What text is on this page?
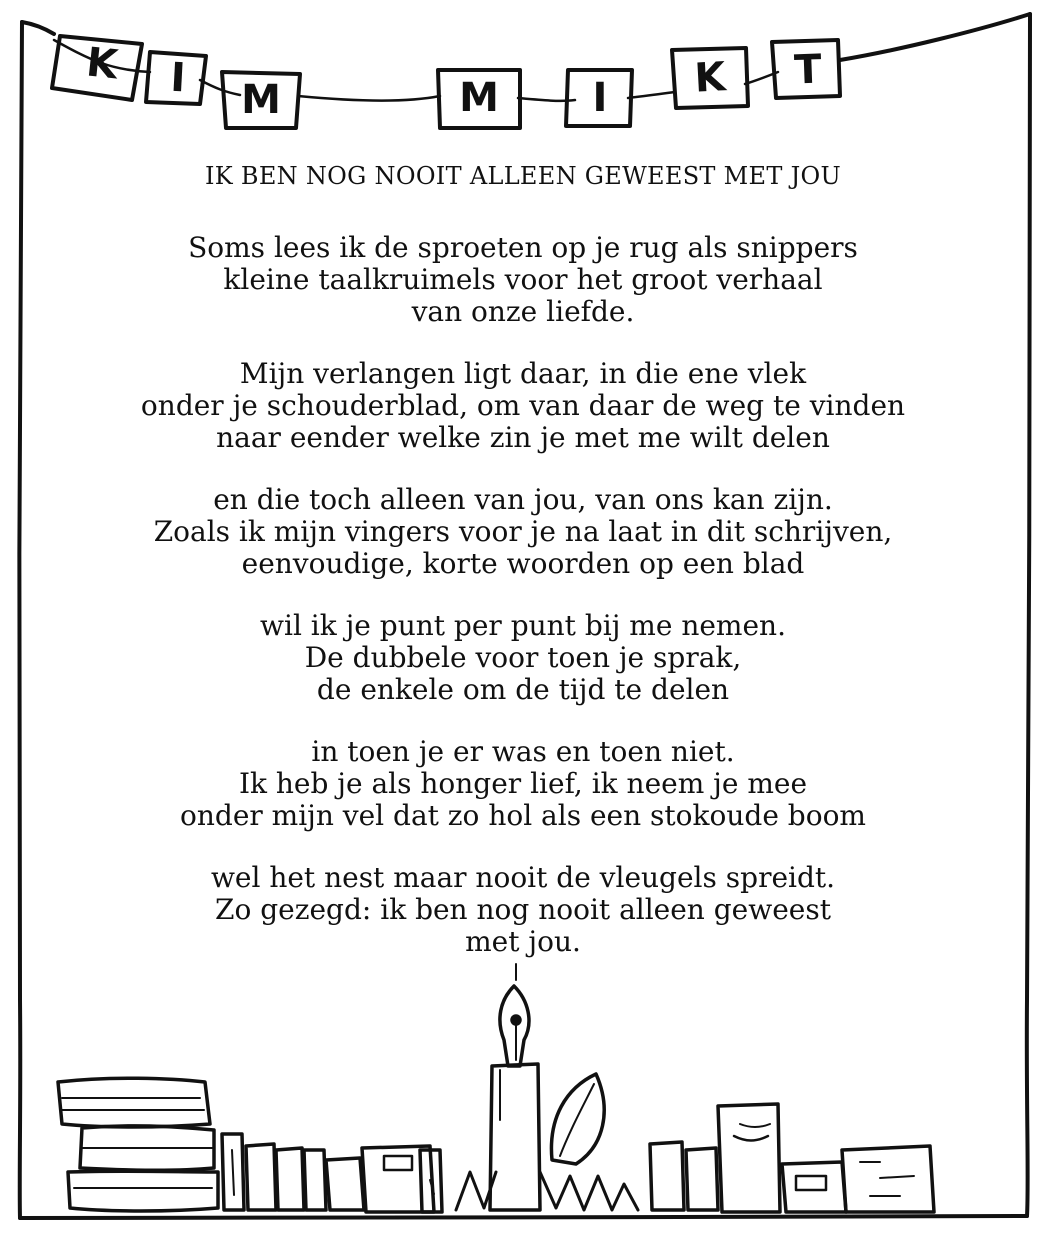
K I M	M I K T
IK BEN NOG NOOIT ALLEEN GEWEEST MET JOU

Soms lees ik de sproeten op je rug als snippers

kleine taalkruimels voor het groot verhaal

van onze liefde.

Mijn verlangen ligt daar, in die ene vlek

onder je schouderblad, om van daar de weg te vinden

naar eender welke zin je met me wilt delen

en die toch alleen van jou, van ons kan zijn.

Zoals ik mijn vingers voor je na laat in dit schrijven,

eenvoudige, korte woorden op een blad

wil ik je punt per punt bij me nemen.

De dubbele voor toen je sprak,

de enkele om de tijd te delen

in toen je er was en toen niet.

Ik heb je als honger lief, ik neem je mee

onder mijn vel dat zo hol als een stokoude boom

wel het nest maar nooit de vleugels spreidt.

Zo gezegd: ik ben nog nooit alleen geweest

met jou.
